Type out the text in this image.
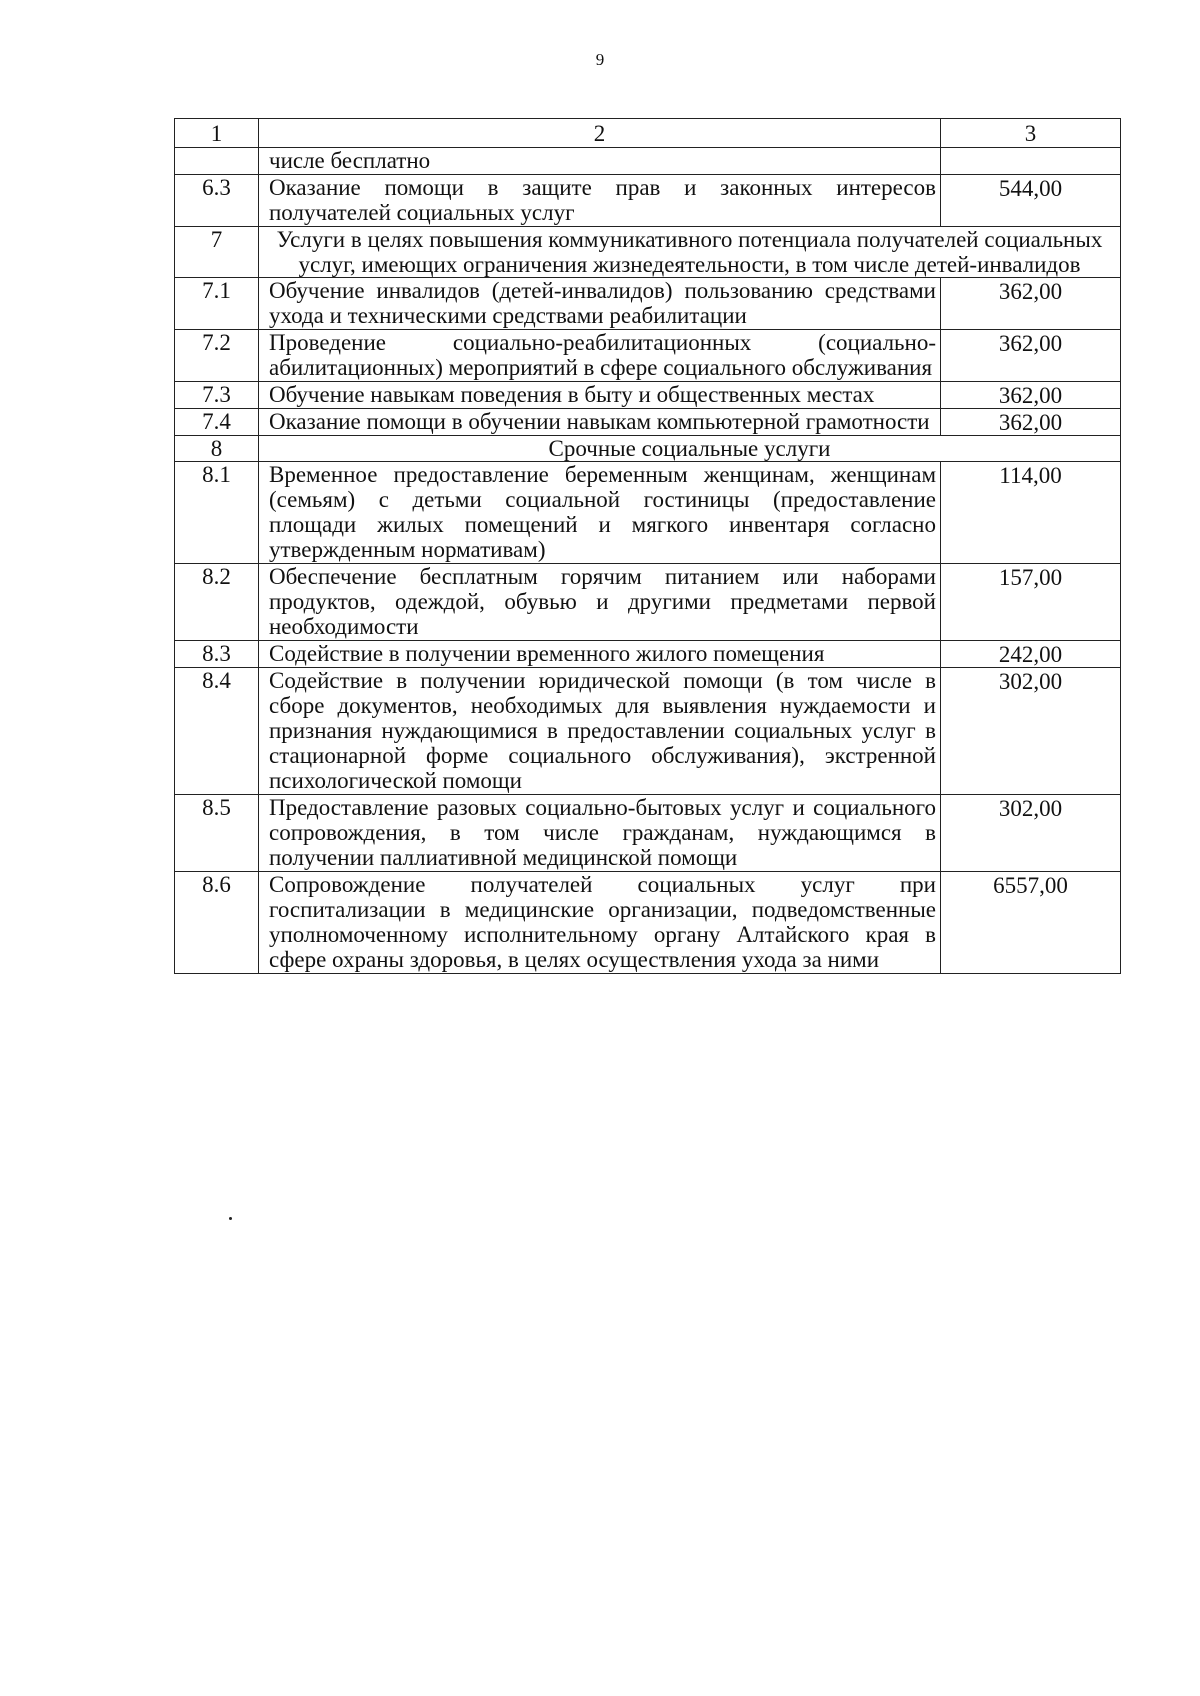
9
1	2	3
	числе бесплатно	
6.3	Оказание помощи в защите прав и законных интересов получателей социальных услуг	544,00
7	Услуги в целях повышения коммуникативного потенциала получателей социальных услуг, имеющих ограничения жизнедеятельности, в том числе детей-инвалидов	
7.1	Обучение инвалидов (детей-инвалидов) пользованию средствами ухода и техническими средствами реабилитации	362,00
7.2	Проведение социально-реабилитационных (социально-абилитационных) мероприятий в сфере социального обслуживания	362,00
7.3	Обучение навыкам поведения в быту и общественных местах	362,00
7.4	Оказание помощи в обучении навыкам компьютерной грамотности	362,00
8	Срочные социальные услуги	
8.1	Временное предоставление беременным женщинам, женщинам (семьям) с детьми социальной гостиницы (предоставление площади жилых помещений и мягкого инвентаря согласно утвержденным нормативам)	114,00
8.2	Обеспечение бесплатным горячим питанием или наборами продуктов, одеждой, обувью и другими предметами первой необходимости	157,00
8.3	Содействие в получении временного жилого помещения	242,00
8.4	Содействие в получении юридической помощи (в том числе в сборе документов, необходимых для выявления нуждаемости и признания нуждающимися в предоставлении социальных услуг в стационарной форме социального обслуживания), экстренной психологической помощи	302,00
8.5	Предоставление разовых социально-бытовых услуг и социального сопровождения, в том числе гражданам, нуждающимся в получении паллиативной медицинской помощи	302,00
8.6	Сопровождение получателей социальных услуг при госпитализации в медицинские организации, подведомственные уполномоченному исполнительному органу Алтайского края в сфере охраны здоровья, в целях осуществления ухода за ними	6557,00
